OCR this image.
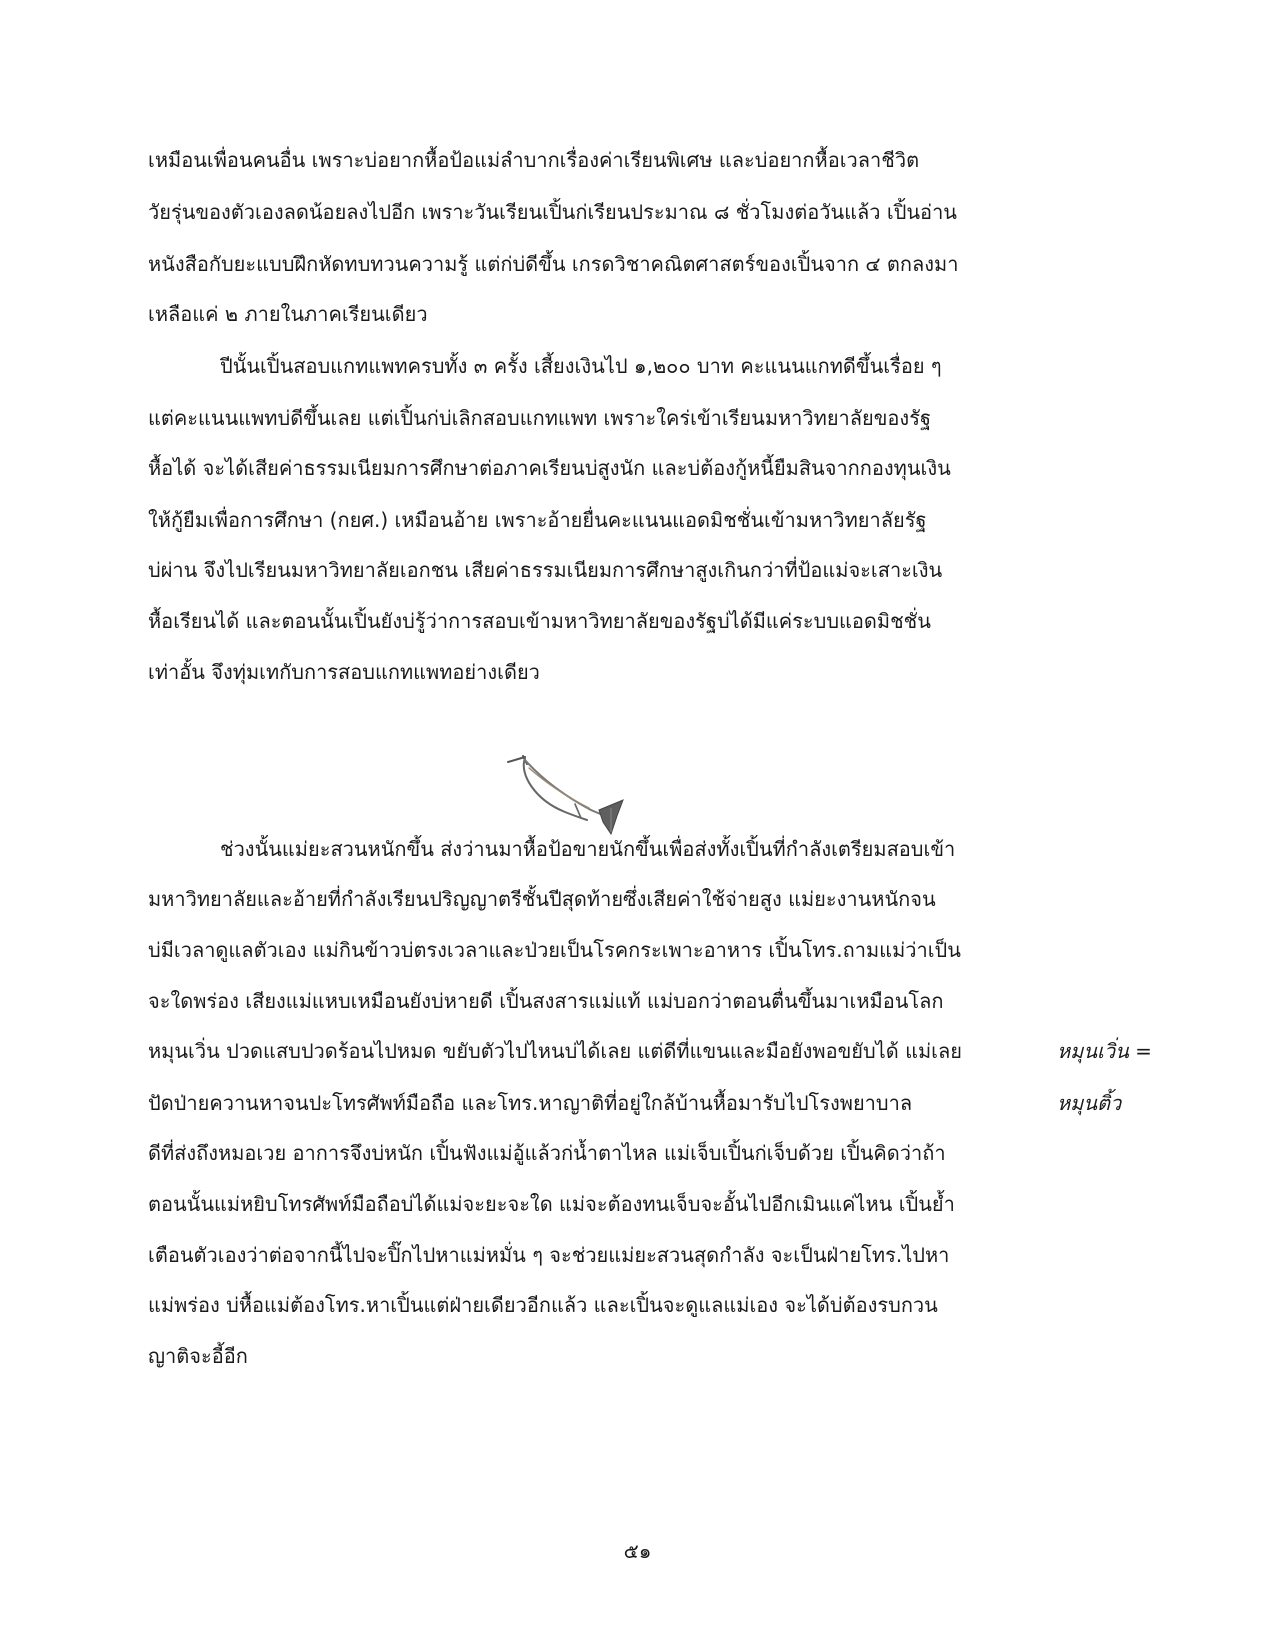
เหมือนเพื่อนคนอื่น เพราะบ่อยากหื้อป้อแม่ลำบากเรื่องค่าเรียนพิเศษ และบ่อยากหื้อเวลาชีวิต
วัยรุ่นของตัวเองลดน้อยลงไปอีก เพราะวันเรียนเปิ้นก่เรียนประมาณ ๘ ชั่วโมงต่อวันแล้ว เปิ้นอ่าน
หนังสือกับยะแบบฝึกหัดทบทวนความรู้ แต่ก่บ่ดีขึ้น เกรดวิชาคณิตศาสตร์ของเปิ้นจาก ๔ ตกลงมา
เหลือแค่ ๒ ภายในภาคเรียนเดียว
ปีนั้นเปิ้นสอบแกทแพทครบทั้ง ๓ ครั้ง เสี้ยงเงินไป ๑,๒๐๐ บาท คะแนนแกทดีขึ้นเรื่อย ๆ
แต่คะแนนแพทบ่ดีขึ้นเลย แต่เปิ้นก่บ่เลิกสอบแกทแพท เพราะใคร่เข้าเรียนมหาวิทยาลัยของรัฐ
หื้อได้ จะได้เสียค่าธรรมเนียมการศึกษาต่อภาคเรียนบ่สูงนัก และบ่ต้องกู้หนี้ยืมสินจากกองทุนเงิน
ให้กู้ยืมเพื่อการศึกษา (กยศ.) เหมือนอ้าย เพราะอ้ายยื่นคะแนนแอดมิชชั่นเข้ามหาวิทยาลัยรัฐ
บ่ผ่าน จึงไปเรียนมหาวิทยาลัยเอกชน เสียค่าธรรมเนียมการศึกษาสูงเกินกว่าที่ป้อแม่จะเสาะเงิน
หื้อเรียนได้ และตอนนั้นเปิ้นยังบ่รู้ว่าการสอบเข้ามหาวิทยาลัยของรัฐบ่ได้มีแค่ระบบแอดมิชชั่น
เท่าอั้น จึงทุ่มเทกับการสอบแกทแพทอย่างเดียว
ช่วงนั้นแม่ยะสวนหนักขึ้น ส่งว่านมาหื้อป้อขายนักขึ้นเพื่อส่งทั้งเปิ้นที่กำลังเตรียมสอบเข้า
มหาวิทยาลัยและอ้ายที่กำลังเรียนปริญญาตรีชั้นปีสุดท้ายซึ่งเสียค่าใช้จ่ายสูง แม่ยะงานหนักจน
บ่มีเวลาดูแลตัวเอง แม่กินข้าวบ่ตรงเวลาและป่วยเป็นโรคกระเพาะอาหาร เปิ้นโทร.ถามแม่ว่าเป็น
จะใดพร่อง เสียงแม่แหบเหมือนยังบ่หายดี เปิ้นสงสารแม่แท้ แม่บอกว่าตอนตื่นขึ้นมาเหมือนโลก
หมุนเวิ่น ปวดแสบปวดร้อนไปหมด ขยับตัวไปไหนบ่ได้เลย แต่ดีที่แขนและมือยังพอขยับได้ แม่เลย
ปัดป่ายควานหาจนปะโทรศัพท์มือถือ และโทร.หาญาติที่อยู่ใกล้บ้านหื้อมารับไปโรงพยาบาล
ดีที่ส่งถึงหมอเวย อาการจึงบ่หนัก เปิ้นฟังแม่อู้แล้วก่น้ำตาไหล แม่เจ็บเปิ้นก่เจ็บด้วย เปิ้นคิดว่าถ้า
ตอนนั้นแม่หยิบโทรศัพท์มือถือบ่ได้แม่จะยะจะใด แม่จะต้องทนเจ็บจะอั้นไปอีกเมินแค่ไหน เปิ้นย้ำ
เตือนตัวเองว่าต่อจากนี้ไปจะปิ๊กไปหาแม่หมั่น ๆ จะช่วยแม่ยะสวนสุดกำลัง จะเป็นฝ่ายโทร.ไปหา
แม่พร่อง บ่หื้อแม่ต้องโทร.หาเปิ้นแต่ฝ่ายเดียวอีกแล้ว และเปิ้นจะดูแลแม่เอง จะได้บ่ต้องรบกวน
ญาติจะอี้อีก
หมุนเวิ่น =
หมุนติ้ว
๕๑
